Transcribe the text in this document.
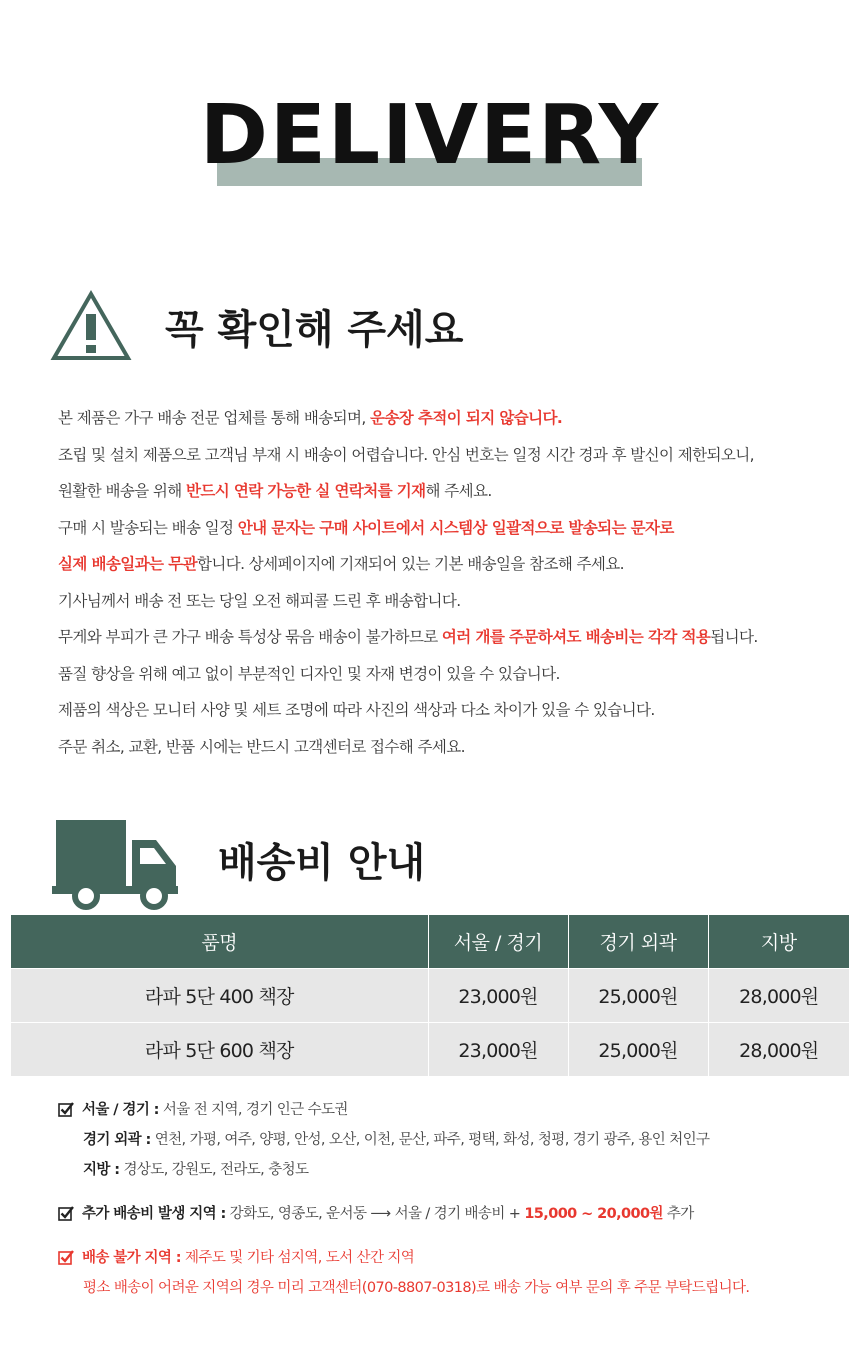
DELIVERY
꼭 확인해 주세요
본 제품은 가구 배송 전문 업체를 통해 배송되며, 운송장 추적이 되지 않습니다.
조립 및 설치 제품으로 고객님 부재 시 배송이 어렵습니다. 안심 번호는 일정 시간 경과 후 발신이 제한되오니,
원활한 배송을 위해 반드시 연락 가능한 실 연락처를 기재해 주세요.
구매 시 발송되는 배송 일정 안내 문자는 구매 사이트에서 시스템상 일괄적으로 발송되는 문자로
실제 배송일과는 무관합니다. 상세페이지에 기재되어 있는 기본 배송일을 참조해 주세요.
기사님께서 배송 전 또는 당일 오전 해피콜 드린 후 배송합니다.
무게와 부피가 큰 가구 배송 특성상 묶음 배송이 불가하므로 여러 개를 주문하셔도 배송비는 각각 적용됩니다.
품질 향상을 위해 예고 없이 부분적인 디자인 및 자재 변경이 있을 수 있습니다.
제품의 색상은 모니터 사양 및 세트 조명에 따라 사진의 색상과 다소 차이가 있을 수 있습니다.
주문 취소, 교환, 반품 시에는 반드시 고객센터로 접수해 주세요.
배송비 안내
품명	서울 / 경기	경기 외곽	지방
라파 5단 400 책장	23,000원	25,000원	28,000원
라파 5단 600 책장	23,000원	25,000원	28,000원
서울 / 경기 : 서울 전 지역, 경기 인근 수도권
경기 외곽 : 연천, 가평, 여주, 양평, 안성, 오산, 이천, 문산, 파주, 평택, 화성, 청평, 경기 광주, 용인 처인구
지방 : 경상도, 강원도, 전라도, 충청도
추가 배송비 발생 지역 : 강화도, 영종도, 운서동 ⟶ 서울 / 경기 배송비 + 15,000 ~ 20,000원 추가
배송 불가 지역 : 제주도 및 기타 섬지역, 도서 산간 지역
평소 배송이 어려운 지역의 경우 미리 고객센터(070-8807-0318)로 배송 가능 여부 문의 후 주문 부탁드립니다.
